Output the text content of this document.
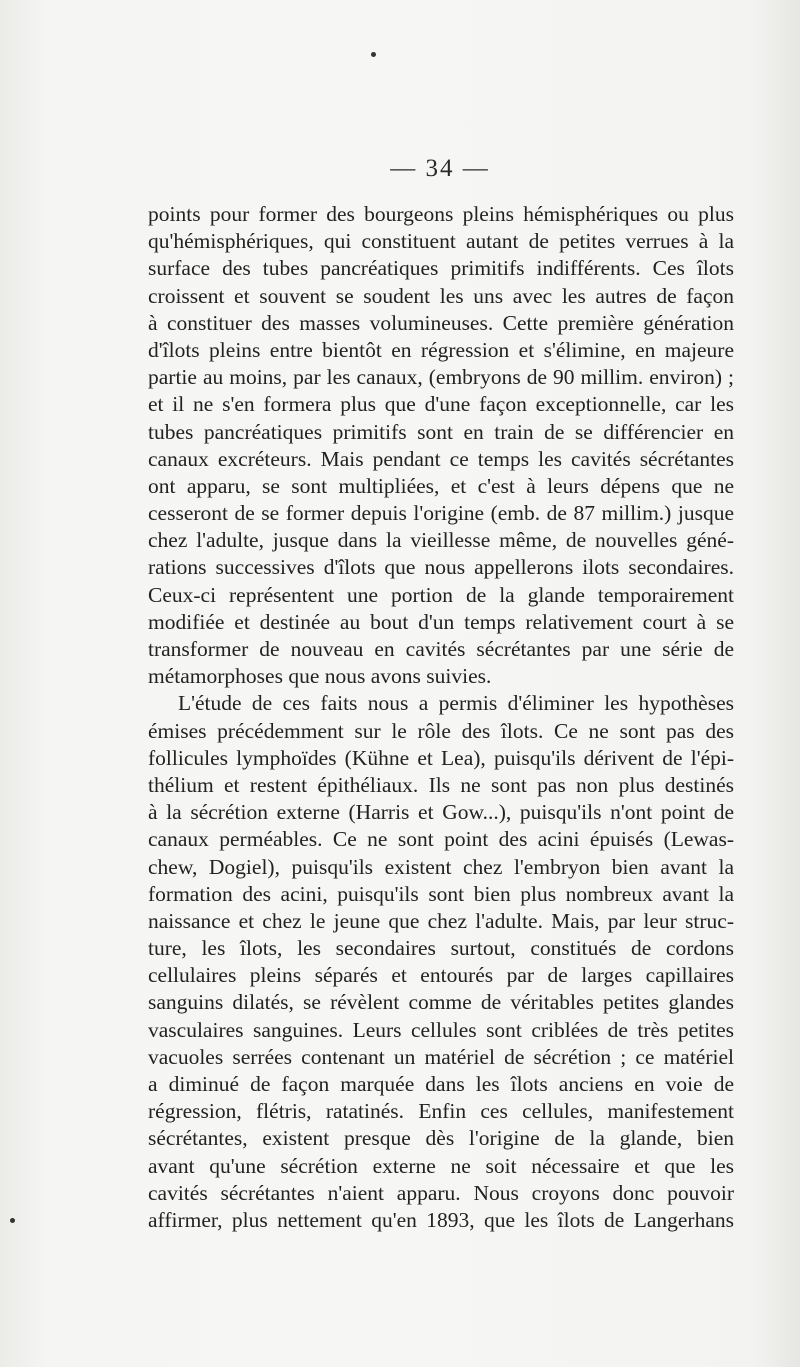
— 34 —
points pour former des bourgeons pleins hémisphériques ou plus
qu'hémisphériques, qui constituent autant de petites verrues à la
surface des tubes pancréatiques primitifs indifférents. Ces îlots
croissent et souvent se soudent les uns avec les autres de façon
à constituer des masses volumineuses. Cette première génération
d'îlots pleins entre bientôt en régression et s'élimine, en majeure
partie au moins, par les canaux, (embryons de 90 millim. environ) ;
et il ne s'en formera plus que d'une façon exceptionnelle, car les
tubes pancréatiques primitifs sont en train de se différencier en
canaux excréteurs. Mais pendant ce temps les cavités sécrétantes
ont apparu, se sont multipliées, et c'est à leurs dépens que ne
cesseront de se former depuis l'origine (emb. de 87 millim.) jusque
chez l'adulte, jusque dans la vieillesse même, de nouvelles géné-
rations successives d'îlots que nous appellerons ilots secondaires.
Ceux-ci représentent une portion de la glande temporairement
modifiée et destinée au bout d'un temps relativement court à se
transformer de nouveau en cavités sécrétantes par une série de
métamorphoses que nous avons suivies.
L'étude de ces faits nous a permis d'éliminer les hypothèses
émises précédemment sur le rôle des îlots. Ce ne sont pas des
follicules lymphoïdes (Kühne et Lea), puisqu'ils dérivent de l'épi-
thélium et restent épithéliaux. Ils ne sont pas non plus destinés
à la sécrétion externe (Harris et Gow...), puisqu'ils n'ont point de
canaux perméables. Ce ne sont point des acini épuisés (Lewas-
chew, Dogiel), puisqu'ils existent chez l'embryon bien avant la
formation des acini, puisqu'ils sont bien plus nombreux avant la
naissance et chez le jeune que chez l'adulte. Mais, par leur struc-
ture, les îlots, les secondaires surtout, constitués de cordons
cellulaires pleins séparés et entourés par de larges capillaires
sanguins dilatés, se révèlent comme de véritables petites glandes
vasculaires sanguines. Leurs cellules sont criblées de très petites
vacuoles serrées contenant un matériel de sécrétion ; ce matériel
a diminué de façon marquée dans les îlots anciens en voie de
régression, flétris, ratatinés. Enfin ces cellules, manifestement
sécrétantes, existent presque dès l'origine de la glande, bien
avant qu'une sécrétion externe ne soit nécessaire et que les
cavités sécrétantes n'aient apparu. Nous croyons donc pouvoir
affirmer, plus nettement qu'en 1893, que les îlots de Langerhans
